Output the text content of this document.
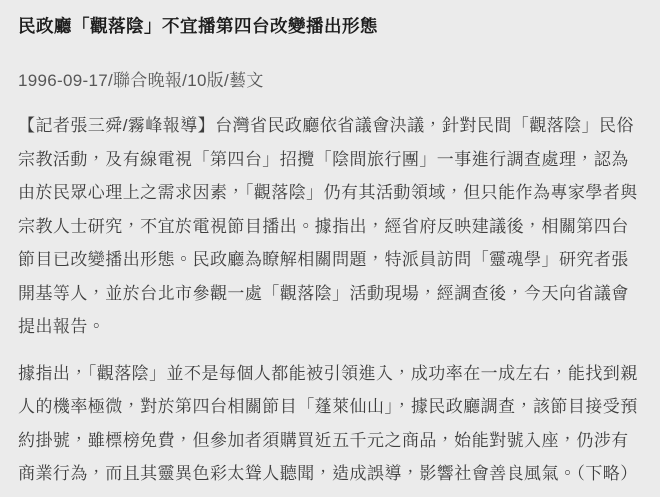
民政廳「觀落陰」不宜播第四台改變播出形態
1996-09-17/聯合晚報/10版/藝文

【記者張三舜/霧峰報導】台灣省民政廳依省議會決議，針對民間「觀落陰」民俗宗教活動，及有線電視「第四台」招攬「陰間旅行團」一事進行調查處理，認為由於民眾心理上之需求因素，「觀落陰」仍有其活動領域，但只能作為專家學者與宗教人士研究，不宜於電視節目播出。據指出，經省府反映建議後，相關第四台節目已改變播出形態。民政廳為瞭解相關問題，特派員訪問「靈魂學」研究者張開基等人，並於台北市參觀一處「觀落陰」活動現場，經調查後，今天向省議會提出報告。

據指出，「觀落陰」並不是每個人都能被引領進入，成功率在一成左右，能找到親人的機率極微，對於第四台相關節目「蓬萊仙山」，據民政廳調查，該節目接受預約掛號，雖標榜免費，但參加者須購買近五千元之商品，始能對號入座，仍涉有商業行為，而且其靈異色彩太聳人聽聞，造成誤導，影響社會善良風氣。（下略）
